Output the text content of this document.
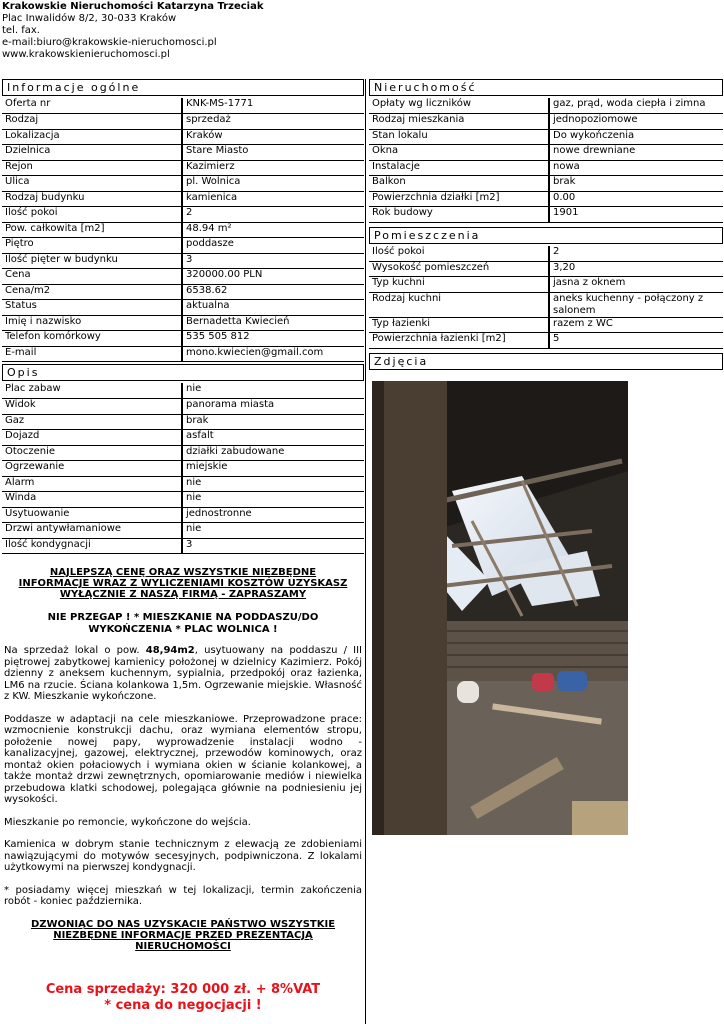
Krakowskie Nieruchomości Katarzyna Trzeciak
Plac Inwalidów 8/2, 30-033 Kraków
tel. fax.
e-mail:biuro@krakowskie-nieruchomosci.pl
www.krakowskienieruchomosci.pl
Informacje ogólne
Oferta nr	KNK-MS-1771
Rodzaj	sprzedaż
Lokalizacja	Kraków
Dzielnica	Stare Miasto
Rejon	Kazimierz
Ulica	pl. Wolnica
Rodzaj budynku	kamienica
Ilość pokoi	2
Pow. całkowita [m2]	48.94 m²
Piętro	poddasze
Ilość pięter w budynku	3
Cena	320000.00 PLN
Cena/m2	6538.62
Status	aktualna
Imię i nazwisko	Bernadetta Kwiecień
Telefon komórkowy	535 505 812
E-mail	mono.kwiecien@gmail.com
Opis
Plac zabaw	nie
Widok	panorama miasta
Gaz	brak
Dojazd	asfalt
Otoczenie	działki zabudowane
Ogrzewanie	miejskie
Alarm	nie
Winda	nie
Usytuowanie	jednostronne
Drzwi antywłamaniowe	nie
Ilość kondygnacji	3
NAJLEPSZĄ CENĘ ORAZ WSZYSTKIE NIEZBĘDNE INFORMACJE WRAZ Z WYLICZENIAMI KOSZTÓW UZYSKASZ WYŁĄCZNIE Z NASZĄ FIRMĄ - ZAPRASZAMY
NIE PRZEGAP ! * MIESZKANIE NA PODDASZU/DO WYKOŃCZENIA * PLAC WOLNICA !

Na sprzedaż lokal o pow. 48,94m2, usytuowany na poddaszu / III piętrowej zabytkowej kamienicy położonej w dzielnicy Kazimierz. Pokój dzienny z aneksem kuchennym, sypialnia, przedpokój oraz łazienka, LM6 na rzucie. Ściana kolankowa 1,5m. Ogrzewanie miejskie. Własność z KW. Mieszkanie wykończone.

Poddasze w adaptacji na cele mieszkaniowe. Przeprowadzone prace: wzmocnienie konstrukcji dachu, oraz wymiana elementów stropu, położenie nowej papy, wyprowadzenie instalacji wodno - kanalizacyjnej, gazowej, elektrycznej, przewodów kominowych, oraz montaż okien połaciowych i wymiana okien w ścianie kolankowej, a także montaż drzwi zewnętrznych, opomiarowanie mediów i niewielka przebudowa klatki schodowej, polegająca głównie na podniesieniu jej wysokości.

Mieszkanie po remoncie, wykończone do wejścia.

Kamienica w dobrym stanie technicznym z elewacją ze zdobieniami nawiązującymi do motywów secesyjnych, podpiwniczona. Z lokalami użytkowymi na pierwszej kondygnacji.

* posiadamy więcej mieszkań w tej lokalizacji, termin zakończenia robót - koniec października.

DZWONIĄC DO NAS UZYSKACIE PAŃSTWO WSZYSTKIE NIEZBĘDNE INFORMACJE PRZED PREZENTACJĄ NIERUCHOMOŚCI
Cena sprzedaży: 320 000 zł. + 8%VAT
* cena do negocjacji !
Nieruchomość
Opłaty wg liczników	gaz, prąd, woda ciepła i zimna
Rodzaj mieszkania	jednopoziomowe
Stan lokalu	Do wykończenia
Okna	nowe drewniane
Instalacje	nowa
Balkon	brak
Powierzchnia działki [m2]	0.00
Rok budowy	1901
Pomieszczenia
Ilość pokoi	2
Wysokość pomieszczeń	3,20
Typ kuchni	jasna z oknem
Rodzaj kuchni	aneks kuchenny - połączony z salonem
Typ łazienki	razem z WC
Powierzchnia łazienki [m2]	5
Zdjęcia
